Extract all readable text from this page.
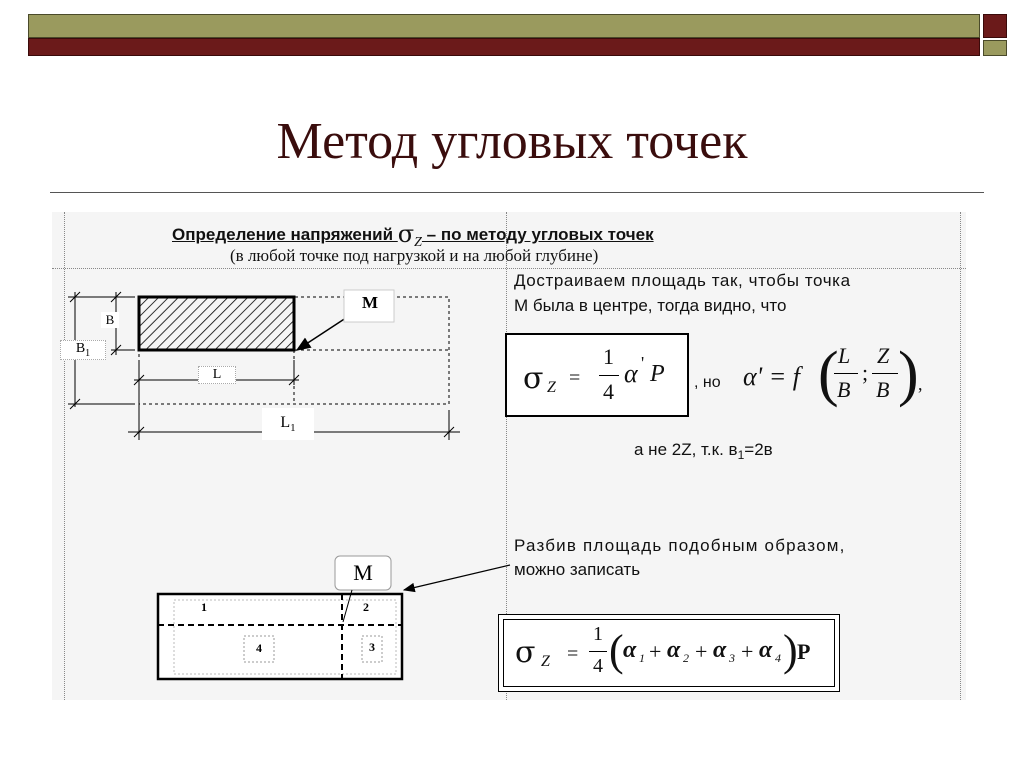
Метод угловых точек
Определение напряжений $\sigma_Z$ – по методу угловых точек
(в любой точке под нагрузкой и на любой глубине)
Достраиваем площадь так, чтобы точка
М была в центре, тогда видно, что
Разбив площадь подобным образом,
можно записать
σ Z =
1
4
α ' P , но α' = f ( L
B
;
Z
B ) ,
а не 2Z, т.к. $в_1=2в$
σ Z =
1
4 ( α 1 + α 2 + α 3 + α 4 ) P
M
B
$B_1$
L
$L_1$
M
1	2
3
4
